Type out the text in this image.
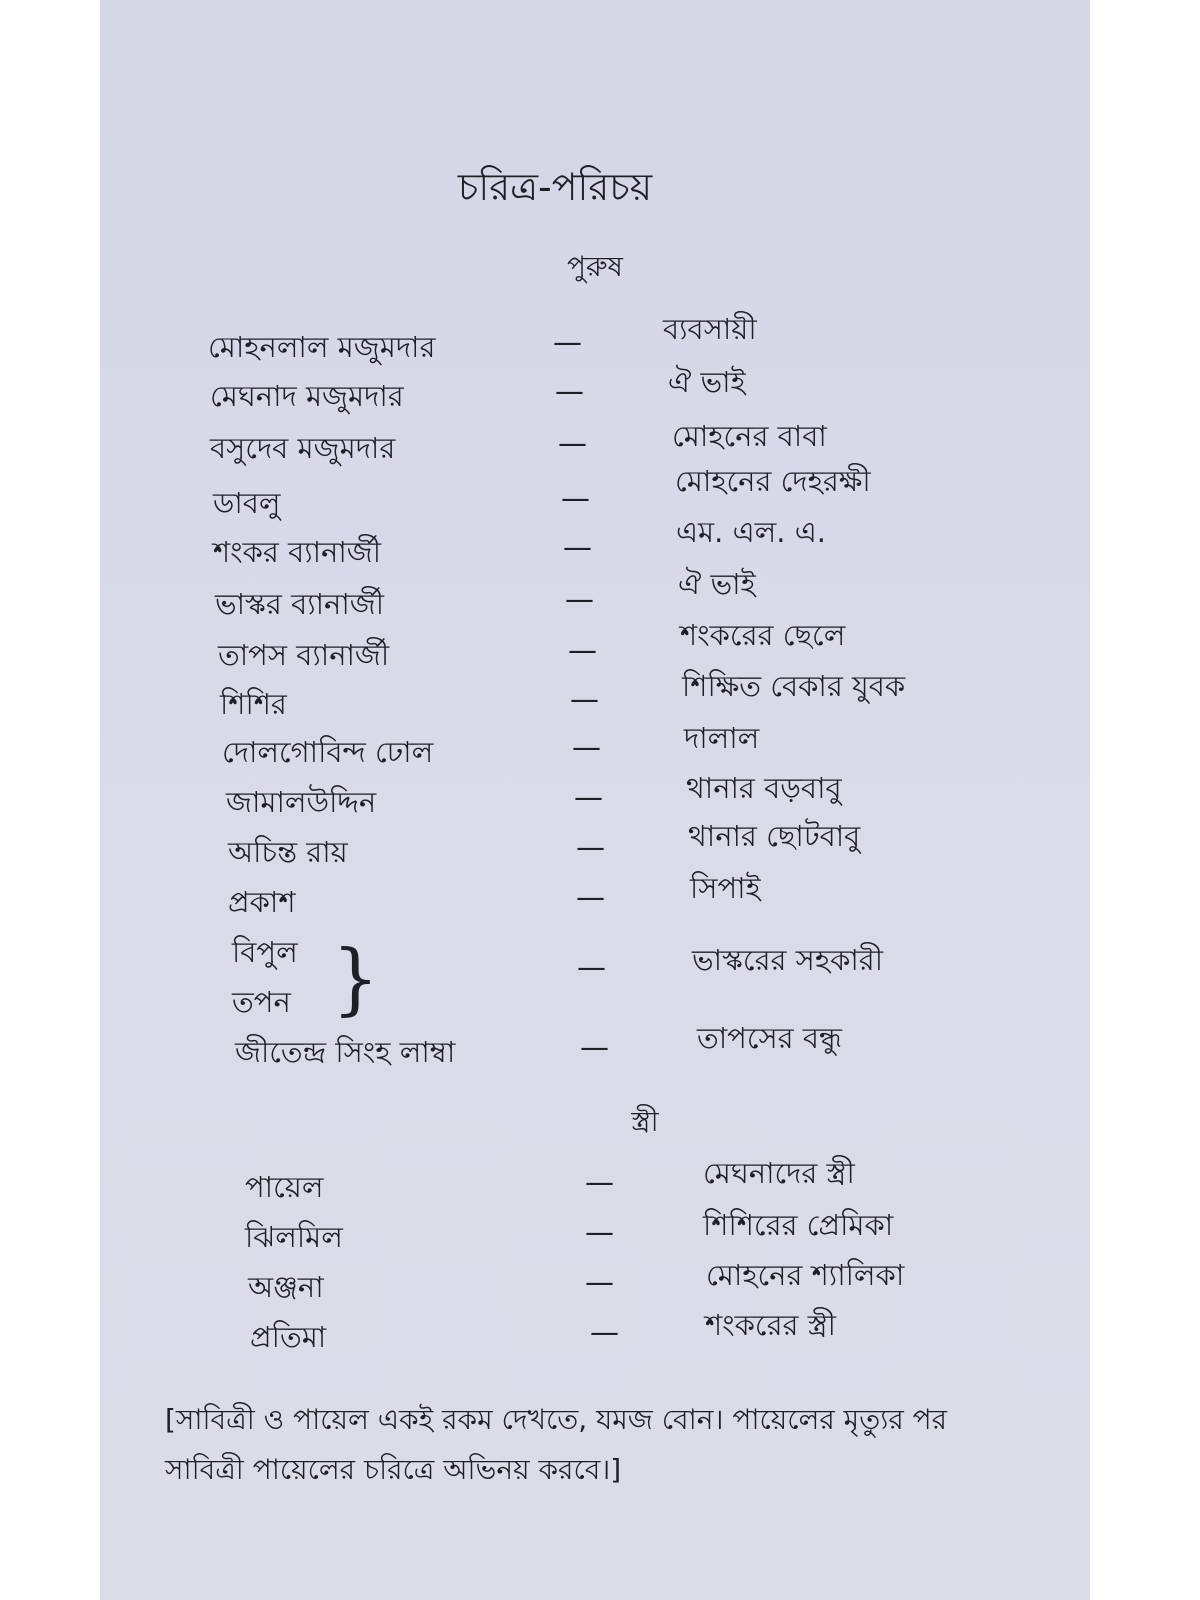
চরিত্র-পরিচয়
পুরুষ
মোহনলাল মজুমদার	—	ব্যবসায়ী
মেঘনাদ মজুমদার	—	ঐ ভাই
বসুদেব মজুমদার	—	মোহনের বাবা
ডাবলু	—	মোহনের দেহরক্ষী
শংকর ব্যানার্জী	—	এম. এল. এ.
ভাস্কর ব্যানার্জী	—	ঐ ভাই
তাপস ব্যানার্জী	—	শংকরের ছেলে
শিশির	—	শিক্ষিত বেকার যুবক
দোলগোবিন্দ ঢোল	—	দালাল
জামালউদ্দিন	—	থানার বড়বাবু
অচিন্ত রায়	—	থানার ছোটবাবু
প্রকাশ	—	সিপাই
বিপুল }	—	ভাস্করের সহকারী
তপন
জীতেন্দ্র সিংহ লাম্বা	—	তাপসের বন্ধু
স্ত্রী
পায়েল	—	মেঘনাদের স্ত্রী
ঝিলমিল	—	শিশিরের প্রেমিকা
অঞ্জনা	—	মোহনের শ্যালিকা
প্রতিমা	—	শংকরের স্ত্রী

[সাবিত্রী ও পায়েল একই রকম দেখতে, যমজ বোন। পায়েলের মৃত্যুর পর

সাবিত্রী পায়েলের চরিত্রে অভিনয় করবে।]
